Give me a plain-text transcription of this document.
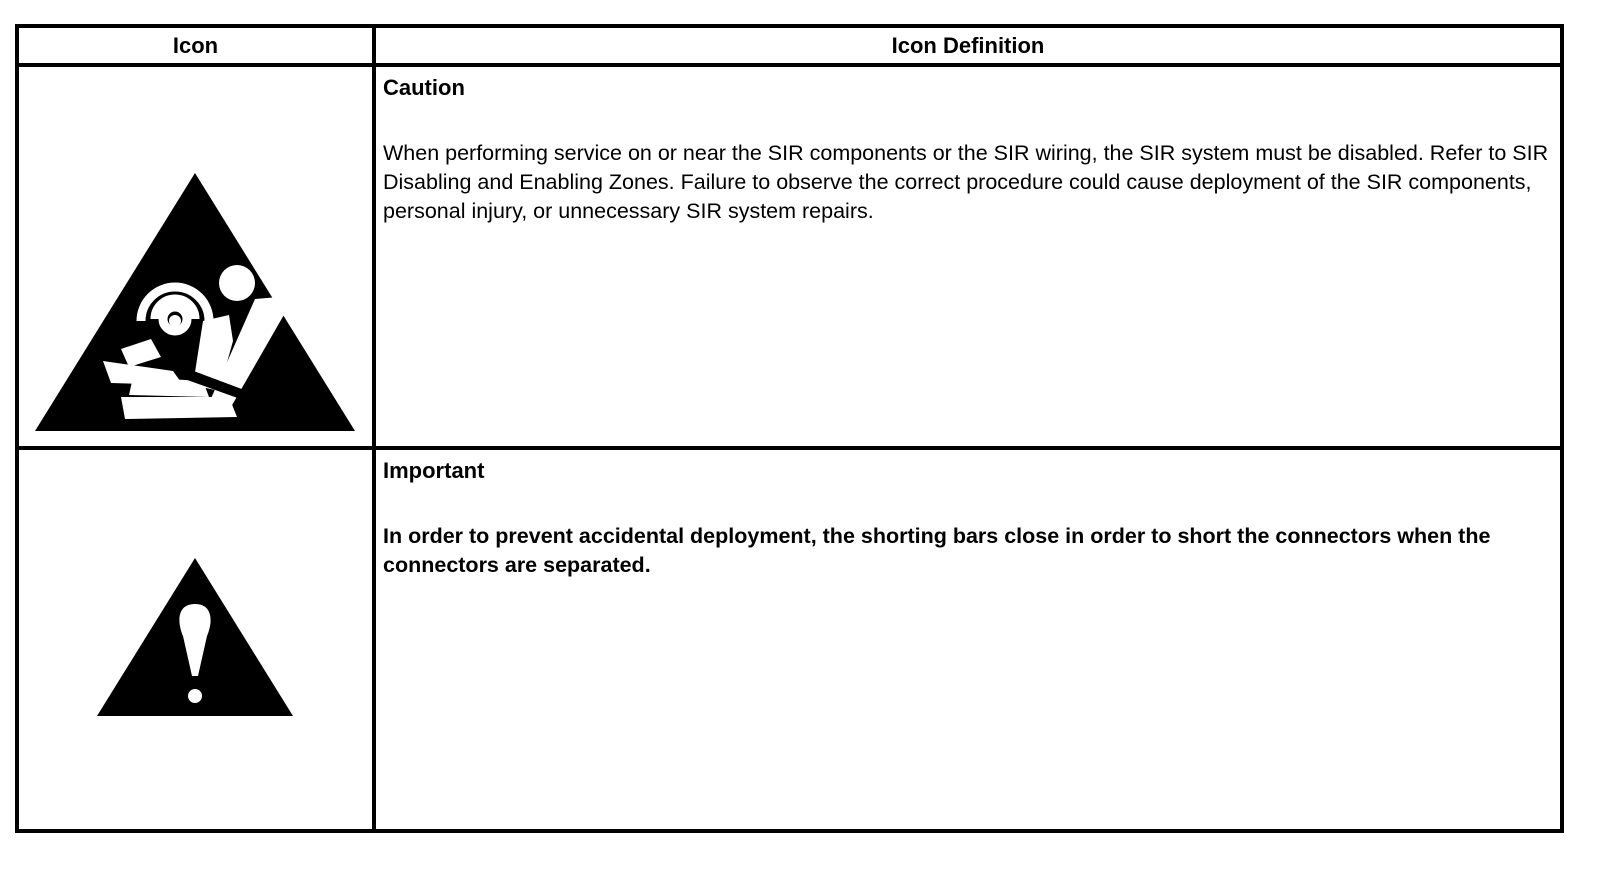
Icon	Icon Definition

Caution

When performing service on or near the SIR components or the SIR wiring, the SIR system must be disabled. Refer to SIR Disabling and Enabling Zones. Failure to observe the correct procedure could cause deployment of the SIR components, personal injury, or unnecessary SIR system repairs.

Important

In order to prevent accidental deployment, the shorting bars close in order to short the connectors when the connectors are separated.
